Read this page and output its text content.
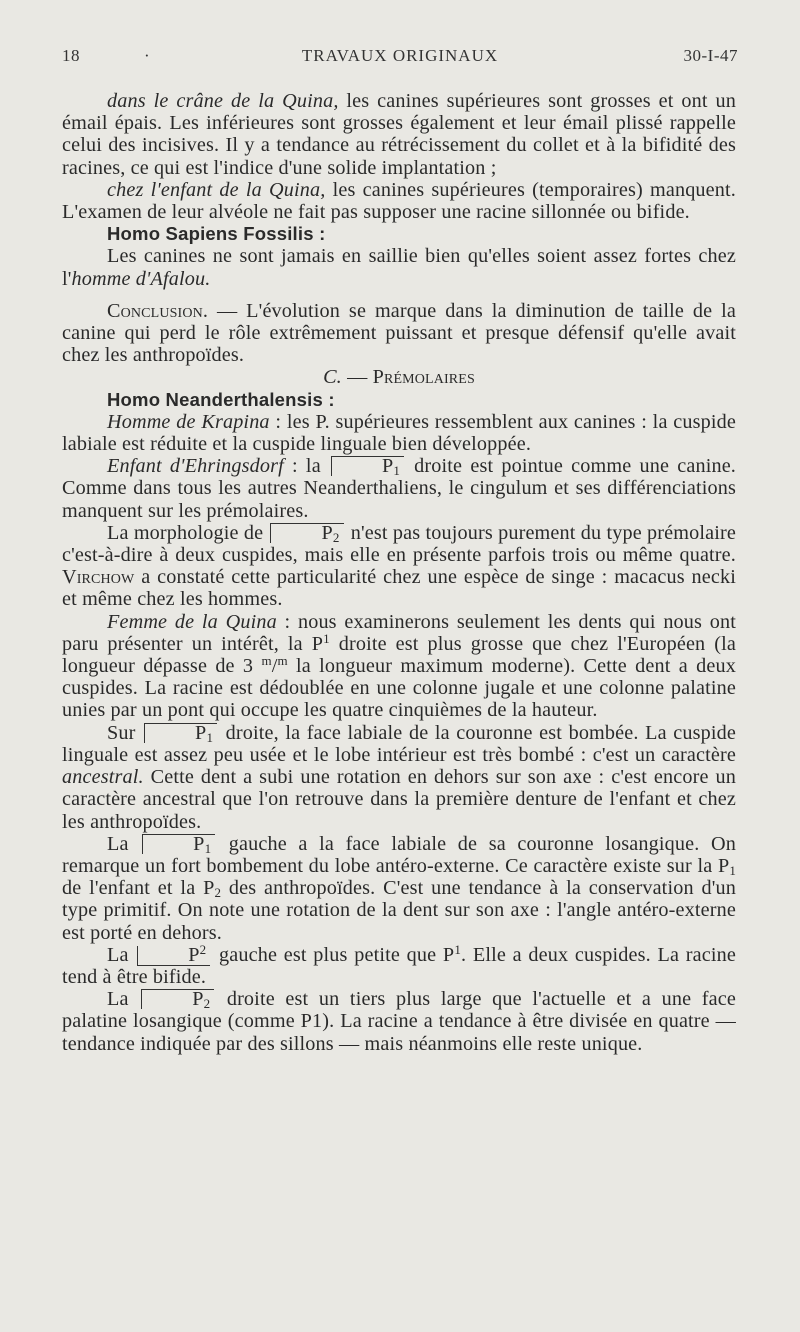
18	·	TRAVAUX ORIGINAUX	30-I-47

dans le crâne de la Quina, les canines supérieures sont grosses et ont un émail épais. Les inférieures sont grosses également et leur émail plissé rappelle celui des incisives. Il y a tendance au rétrécissement du collet et à la bifidité des racines, ce qui est l'indice d'une solide implantation ;

chez l'enfant de la Quina, les canines supérieures (temporaires) manquent. L'examen de leur alvéole ne fait pas supposer une racine sillonnée ou bifide.

Homo Sapiens Fossilis :

Les canines ne sont jamais en saillie bien qu'elles soient assez fortes chez l'homme d'Afalou.

Conclusion. — L'évolution se marque dans la diminution de taille de la canine qui perd le rôle extrêmement puissant et presque défensif qu'elle avait chez les anthropoïdes.

C. — Prémolaires

Homo Neanderthalensis :

Homme de Krapina : les P. supérieures ressemblent aux canines : la cuspide labiale est réduite et la cuspide linguale bien développée.

Enfant d'Ehringsdorf : la	$P_1$ droite est pointue comme une canine. Comme dans tous les autres Neanderthaliens, le cingulum et ses différenciations manquent sur les prémolaires.

La morphologie de	$P_2$ n'est pas toujours purement du type prémolaire c'est-à-dire à deux cuspides, mais elle en présente parfois trois ou même quatre. Virchow a constaté cette particularité chez une espèce de singe : macacus necki et même chez les hommes.

Femme de la Quina : nous examinerons seulement les dents qui nous ont paru présenter un intérêt, la $P^1$ droite est plus grosse que chez l'Européen (la longueur dépasse de 3 $^m$/$^m$ la longueur maximum moderne). Cette dent a deux cuspides. La racine est dédoublée en une colonne jugale et une colonne palatine unies par un pont qui occupe les quatre cinquièmes de la hauteur.

Sur	$P_1$ droite, la face labiale de la couronne est bombée. La cuspide linguale est assez peu usée et le lobe intérieur est très bombé : c'est un caractère ancestral. Cette dent a subi une rotation en dehors sur son axe : c'est encore un caractère ancestral que l'on retrouve dans la première denture de l'enfant et chez les anthropoïdes.

La	$P_1$ gauche a la face labiale de sa couronne losangique. On remarque un fort bombement du lobe antéro-externe. Ce caractère existe sur la $P_1$ de l'enfant et la $P_2$ des anthropoïdes. C'est une tendance à la conservation d'un type primitif. On note une rotation de la dent sur son axe : l'angle antéro-externe est porté en dehors.

La	$P^2$ gauche est plus petite que $P^1$. Elle a deux cuspides. La racine tend à être bifide.

La	$P_2$ droite est un tiers plus large que l'actuelle et a une face palatine losangique (comme P1). La racine a tendance à être divisée en quatre — tendance indiquée par des sillons — mais néanmoins elle reste unique.
